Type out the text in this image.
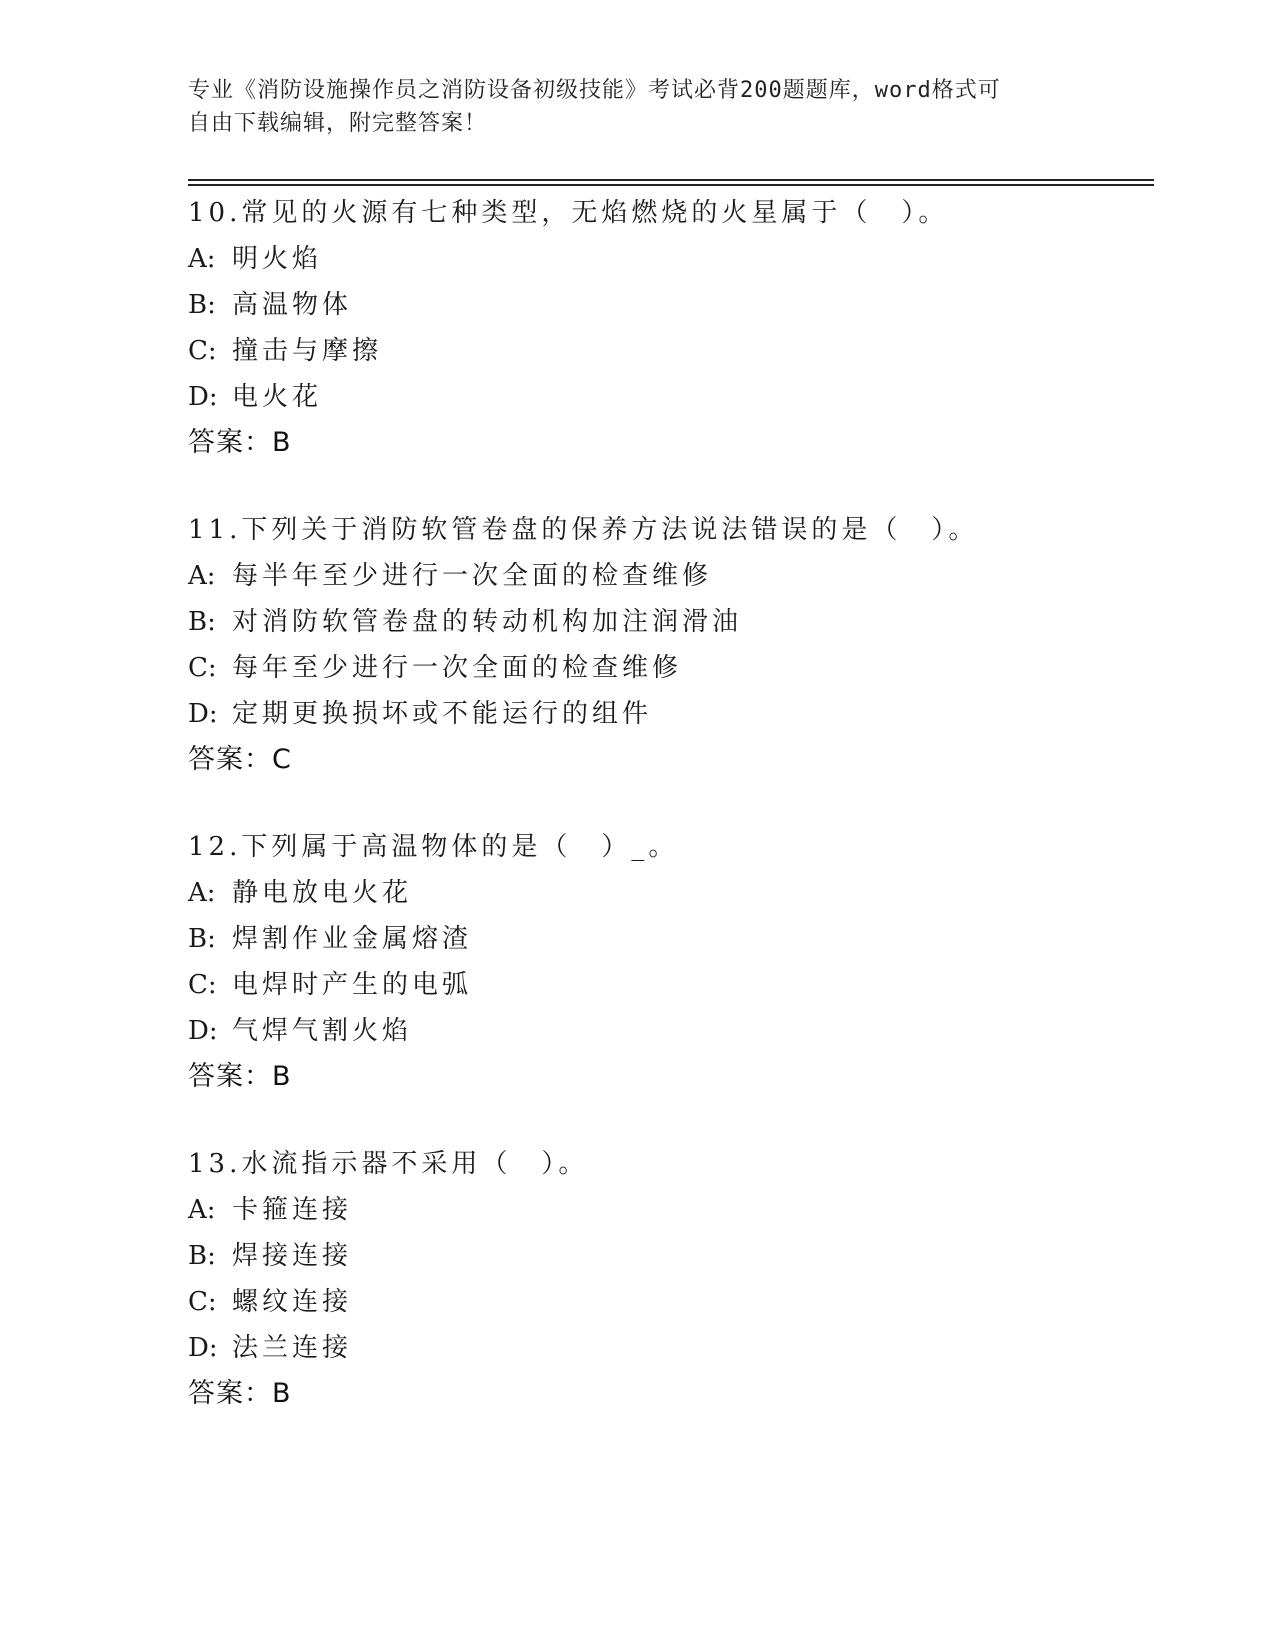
专业《消防设施操作员之消防设备初级技能》考试必背200题题库，word格式可
自由下载编辑，附完整答案！
10.常见的火源有七种类型，无焰燃烧的火星属于（　）。
A: 明火焰
B: 高温物体
C: 撞击与摩擦
D: 电火花
答案：B
11.下列关于消防软管卷盘的保养方法说法错误的是（　）。
A: 每半年至少进行一次全面的检查维修
B: 对消防软管卷盘的转动机构加注润滑油
C: 每年至少进行一次全面的检查维修
D: 定期更换损坏或不能运行的组件
答案：C
12.下列属于高温物体的是（　）_。
A: 静电放电火花
B: 焊割作业金属熔渣
C: 电焊时产生的电弧
D: 气焊气割火焰
答案：B
13.水流指示器不采用（　）。
A: 卡箍连接
B: 焊接连接
C: 螺纹连接
D: 法兰连接
答案：B
